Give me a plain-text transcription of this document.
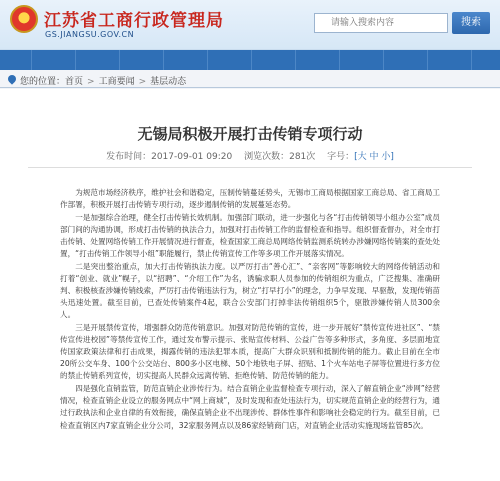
江苏省工商行政管理局
GS.JIANGSU.GOV.CN
请输入搜索内容
搜索
您的位置：首页 > 工商要闻 > 基层动态
无锡局积极开展打击传销专项行动
发布时间：2017-09-01 09:20   浏览次数：281次   字号：[大 中 小]

为规范市场经济秩序，维护社会和谐稳定，压制传销蔓延势头，无锡市工商局根据国家工商总局、省工商局工作部署，积极开展打击传销专项行动，逐步遏制传销的发展蔓延态势。

一是加强综合治理，健全打击传销长效机制。加强部门联动，进一步强化与各“打击传销领导小组办公室”成员部门间的沟通协调，形成打击传销的执法合力，加强对打击传销工作的监督检查和指导。组织督查督办，对全市打击传销、处置网络传销工作开展情况进行督查，检查国家工商总局网络传销监测系统转办涉嫌网络传销案的查处处置，“打击传销工作领导小组”职能履行，禁止传销宣传工作等多项工作开展落实情况。

二是突出整治重点，加大打击传销执法力度。以严厉打击“善心汇”、“亲客网”等影响较大的网络传销活动和打着“创业、就业”幌子，以“招聘”、“介绍工作”为名，诱骗求职人员参加的传销组织为重点，广泛搜集、准确研判、积极核查涉嫌传销线索，严厉打击传销违法行为，树立“打早打小”的理念，力争早发现、早驱散，发现传销苗头迅速处置。截至目前，已查处传销案件4起，联合公安部门打掉非法传销组织5个，驱散涉嫌传销人员300余人。

三是开展禁传宣传，增强群众防范传销意识。加强对防范传销的宣传，进一步开展好“禁传宣传进社区”、“禁传宣传进校园”等禁传宣传工作，通过发布警示提示、张贴宣传材料、公益广告等多种形式，多角度、多层面地宣传国家政策法律和打击成果，揭露传销的违法犯罪本质，提高广大群众识别和抵制传销的能力。截止目前在全市20所公交车身、100个公交站台、800多小区电梯、50个地铁电子屏、招贴、1个火车站电子屏等位置进行多方位的禁止传销系列宣传，切实提高人民群众远离传销、拒绝传销、防范传销的能力。

四是强化直销监管，防范直销企业涉传行为。结合直销企业监督检查专项行动，深入了解直销企业“涉网”经营情况，检查直销企业设立的服务网点中“网上商城”，及时发现和查处违法行为，切实规范直销企业的经营行为，通过行政执法和企业自律的有效衔接，确保直销企业不出现涉传、群体性事件和影响社会稳定的行为。截至目前，已检查直销区内7家直销企业分公司，32家服务网点以及86家经销商门店，对直销企业活动实施现场监管85次。
